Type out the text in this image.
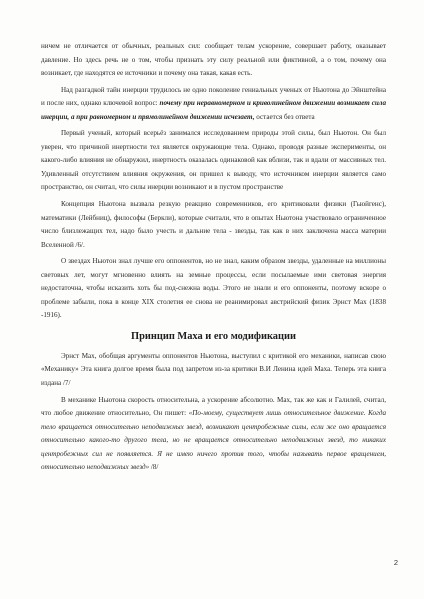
ничем не отличается от обычных, реальных сил: сообщает телам ускорение, совершает работу, оказывает давление. Но здесь речь не о том, чтобы признать эту силу реальной или фиктивной, а о том, почему она возникает, где находятся ее источники и почему она такая, какая есть.

Над разгадкой тайн инерции трудилось не одно поколение гениальных ученых от Ньютона до Эйнштейна и после них, однако ключевой вопрос: почему при неравномерном и криволинейном движении возникает сила инерции, а при равномерном и прямолинейном движении исчезает, остается без ответа

Первый ученый, который всерьёз занимался исследованием природы этой силы, был Ньютон. Он был уверен, что причиной инертности тел является окружающие тела. Однако, проводя разные эксперименты, он какого-либо влияния не обнаружил, инертность оказалась одинаковой как вблизи, так и вдали от массивных тел. Удивленный отсутствием влияния окружения, он пришел к выводу, что источником инерции является само пространство, он считал, что силы инерции возникают и в пустом пространстве

Концепция Ньютона вызвала резкую реакцию современников, его критиковали физики (Гьюйгенс), математики (Лейбниц), философы (Беркли), которые считали, что в опытах Ньютона участвовало ограниченное число близлежащих тел, надо было учесть и дальние тела - звезды, так как в них заключена масса материи Вселенной /6/.

О звездах Ньютон знал лучше его оппонентов, но не знал, каким образом звезды, удаленные на миллионы световых лет, могут мгновенно влиять на земные процессы, если посылаемые ими световая энергия недостаточна, чтобы исказить хоть бы под-снежна воды. Этого не знали и его оппоненты, поэтому вскоре о проблеме забыли, пока в конце XIX столетия ее снова не реанимировал австрийский физик Эрнст Мах (1838 -1916).

Принцип Маха и его модификации

Эрнст Мах, обобщая аргументы оппонентов Ньютона, выступил с критикой его механики, написав свою «Механику» Эта книга долгое время была под запретом из-за критики В.И Ленина идей Маха. Теперь эта книга издана /7/

В механике Ньютона скорость относительна, а ускорение абсолютно. Мах, так же как и Галилей, считал, что любое движение относительно, Он пишет: «По-моему, существует лишь относительное движение. Когда тело вращается относительно неподвижных звезд, возникают центробежные силы, если же оно вращается относительно какого-то другого тела, но не вращается относительно неподвижных звезд, то никаких центробежных сил не появляется. Я не имею ничего против того, чтобы называть первое вращением, относительно неподвижных звезд» /8/

2
